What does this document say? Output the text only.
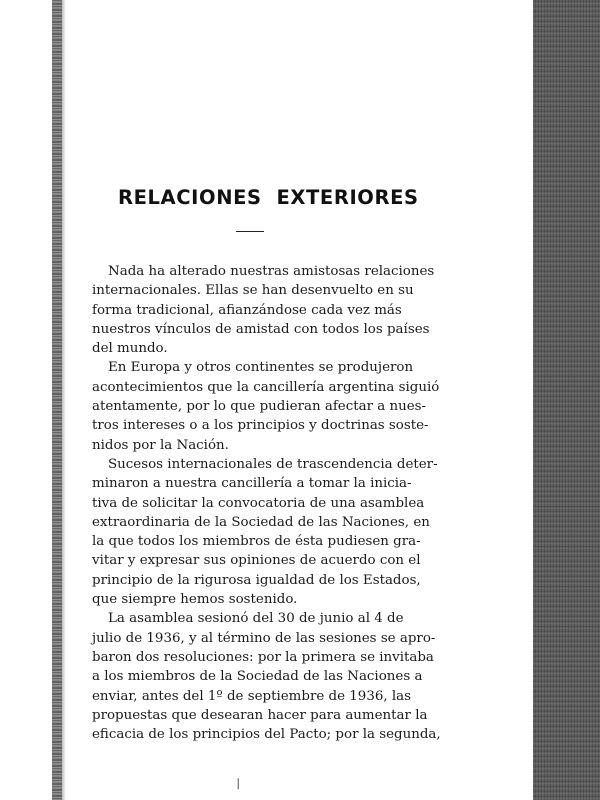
RELACIONES  EXTERIORES
Nada ha alterado nuestras amistosas relaciones
internacionales. Ellas se han desenvuelto en su
forma tradicional, afianzándose cada vez más
nuestros vínculos de amistad con todos los países
del mundo.
En Europa y otros continentes se produjeron
acontecimientos que la cancillería argentina siguió
atentamente, por lo que pudieran afectar a nues-
tros intereses o a los principios y doctrinas soste-
nidos por la Nación.
Sucesos internacionales de trascendencia deter-
minaron a nuestra cancillería a tomar la inicia-
tiva de solicitar la convocatoria de una asamblea
extraordinaria de la Sociedad de las Naciones, en
la que todos los miembros de ésta pudiesen gra-
vitar y expresar sus opiniones de acuerdo con el
principio de la rigurosa igualdad de los Estados,
que siempre hemos sostenido.
La asamblea sesionó del 30 de junio al 4 de
julio de 1936, y al término de las sesiones se apro-
baron dos resoluciones: por la primera se invitaba
a los miembros de la Sociedad de las Naciones a
enviar, antes del 1º de septiembre de 1936, las
propuestas que desearan hacer para aumentar la
eficacia de los principios del Pacto; por la segunda,
⎸
